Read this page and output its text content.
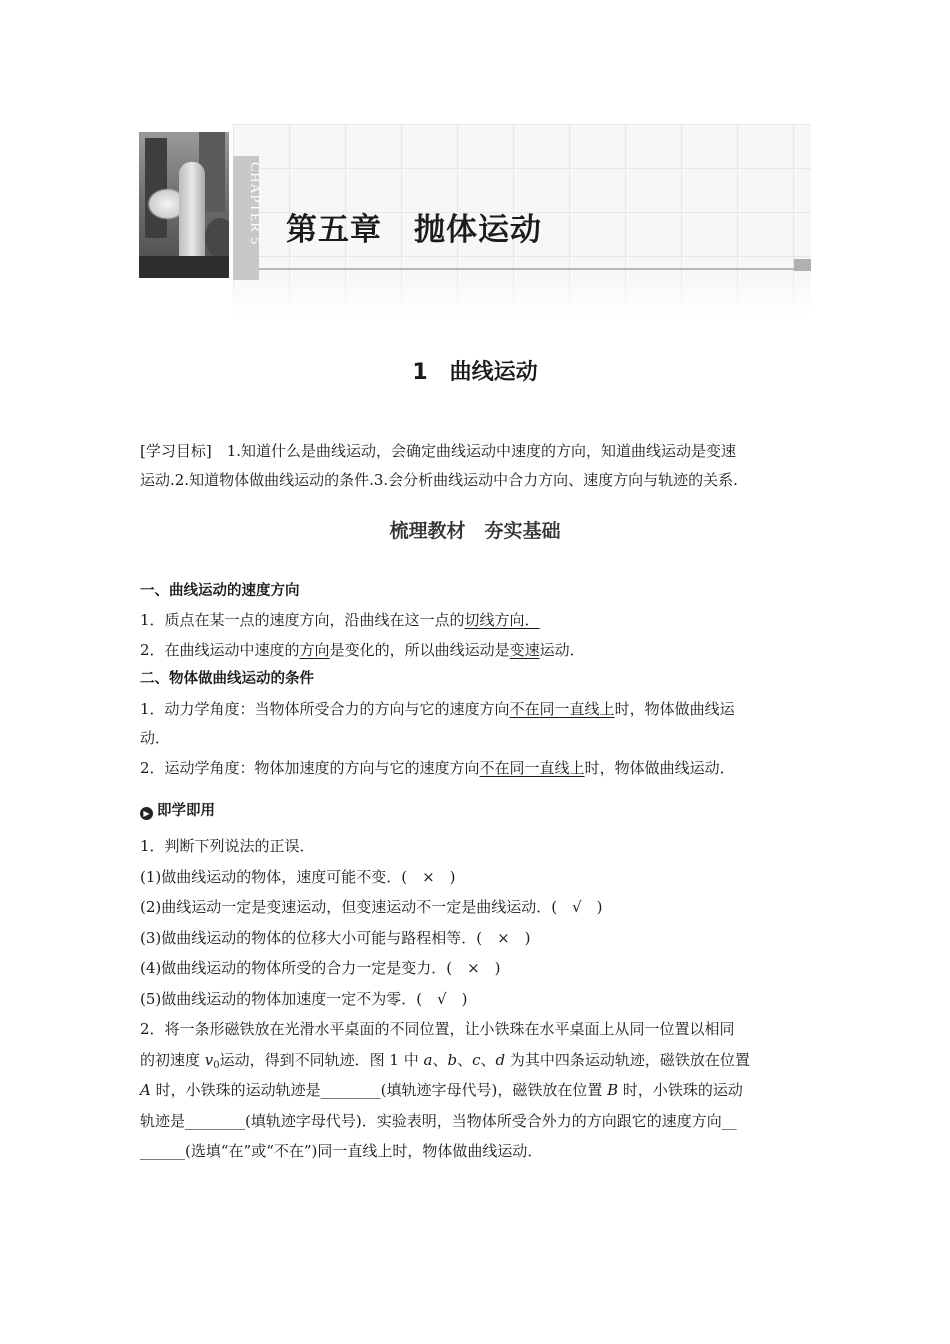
CHAPTER 5 第五章　抛体运动
1　曲线运动
[学习目标]　1.知道什么是曲线运动，会确定曲线运动中速度的方向，知道曲线运动是变速
运动.2.知道物体做曲线运动的条件.3.会分析曲线运动中合力方向、速度方向与轨迹的关系.
梳理教材　夯实基础
一、曲线运动的速度方向
1．质点在某一点的速度方向，沿曲线在这一点的切线方向．
2．在曲线运动中速度的方向是变化的，所以曲线运动是变速运动．
二、物体做曲线运动的条件
1．动力学角度：当物体所受合力的方向与它的速度方向不在同一直线上时，物体做曲线运
动．
2．运动学角度：物体加速度的方向与它的速度方向不在同一直线上时，物体做曲线运动．
▶ 即学即用
1．判断下列说法的正误．
(1)做曲线运动的物体，速度可能不变．(　×　)
(2)曲线运动一定是变速运动，但变速运动不一定是曲线运动．(　√　)
(3)做曲线运动的物体的位移大小可能与路程相等．(　×　)
(4)做曲线运动的物体所受的合力一定是变力．(　×　)
(5)做曲线运动的物体加速度一定不为零．(　√　)
2．将一条形磁铁放在光滑水平桌面的不同位置，让小铁珠在水平桌面上从同一位置以相同
的初速度 $v_0$运动，得到不同轨迹．图 1 中 a、b、c、d 为其中四条运动轨迹，磁铁放在位置
A 时，小铁珠的运动轨迹是________(填轨迹字母代号)，磁铁放在位置 B 时，小铁珠的运动
轨迹是________(填轨迹字母代号)．实验表明，当物体所受合外力的方向跟它的速度方向__
______(选填“在”或“不在”)同一直线上时，物体做曲线运动．
